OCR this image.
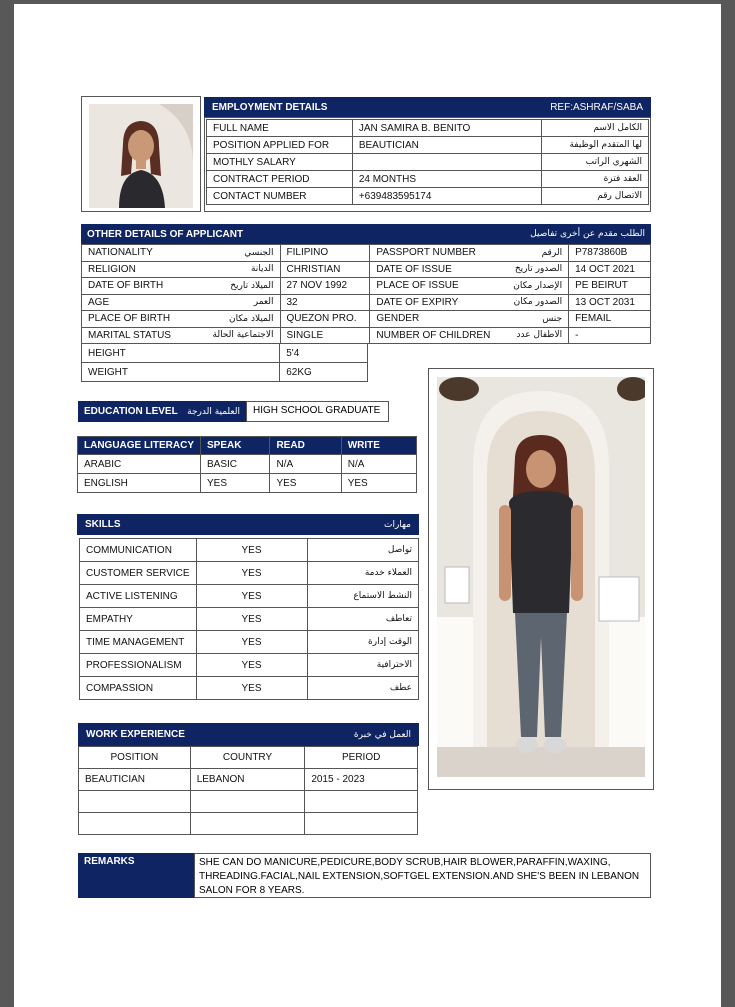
EMPLOYMENT DETAILS	REF:ASHRAF/SABA
FULL NAME	JAN SAMIRA B. BENITO	الكامل الاسم
POSITION APPLIED FOR	BEAUTICIAN	لها المتقدم الوظيفة
MOTHLY SALARY		الشهري الراتب
CONTRACT PERIOD	24 MONTHS	العقد فترة
CONTACT NUMBER	+639483595174	الاتصال رقم
OTHER DETAILS OF APPLICANT	الطلب مقدم عن أخرى تفاصيل
NATIONALITY الجنسي	FILIPINO	PASSPORT NUMBER الرقم	P7873860B

RELIGION الديانة	CHRISTIAN	DATE OF ISSUE الصدور تاريخ	14 OCT 2021

DATE OF BIRTH الميلاد تاريخ	27 NOV 1992	PLACE OF ISSUE الإصدار مكان	PE BEIRUT

AGE العمر	32	DATE OF EXPIRY الصدور مكان	13 OCT 2031

PLACE OF BIRTH الميلاد مكان	QUEZON PRO.	GENDER جنس	FEMAIL

MARITAL STATUS الاجتماعية الحالة	SINGLE	NUMBER OF CHILDREN الاطفال عدد	-
HEIGHT	5'4
WEIGHT	62KG
EDUCATION LEVEL العلمية الدرجة	HIGH SCHOOL GRADUATE
LANGUAGE LITERACY	SPEAK	READ	WRITE
ARABIC	BASIC	N/A	N/A
ENGLISH	YES	YES	YES
SKILLS	مهارات
COMMUNICATION	YES	تواصل
CUSTOMER SERVICE	YES	العملاء خدمة
ACTIVE LISTENING	YES	النشط الاستماع
EMPATHY	YES	تعاطف
TIME MANAGEMENT	YES	الوقت إدارة
PROFESSIONALISM	YES	الاحترافية
COMPASSION	YES	عطف
WORK EXPERIENCE	العمل في خبرة
POSITION	COUNTRY	PERIOD
BEAUTICIAN	LEBANON	2015 - 2023

REMARKS	SHE CAN DO MANICURE,PEDICURE,BODY SCRUB,HAIR BLOWER,PARAFFIN,WAXING,
THREADING.FACIAL,NAIL EXTENSION,SOFTGEL EXTENSION.AND SHE'S BEEN IN LEBANON
SALON FOR 8 YEARS.
